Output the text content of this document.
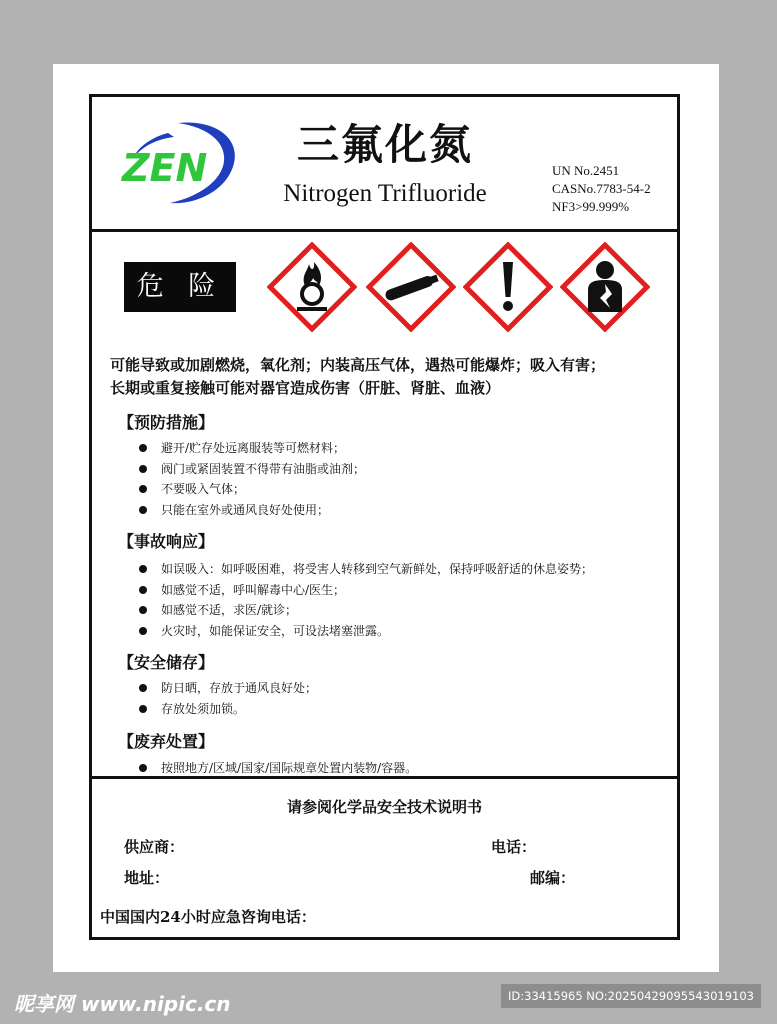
ZEN	三氟化氮
Nitrogen Trifluoride
UN No.2451
CASNo.7783-54-2
NF3>99.999%
危 险
可能导致或加剧燃烧，氧化剂；内装高压气体，遇热可能爆炸；吸入有害；
长期或重复接触可能对器官造成伤害（肝脏、肾脏、血液）
【预防措施】
避开/贮存处远离服装等可燃材料；
阀门或紧固装置不得带有油脂或油剂；
不要吸入气体；
只能在室外或通风良好处使用；
【事故响应】
如误吸入：如呼吸困难，将受害人转移到空气新鲜处，保持呼吸舒适的休息姿势；
如感觉不适，呼叫解毒中心/医生；
如感觉不适，求医/就诊；
火灾时，如能保证安全，可设法堵塞泄露。
【安全储存】
防日晒，存放于通风良好处；
存放处须加锁。
【废弃处置】
按照地方/区域/国家/国际规章处置内装物/容器。
请参阅化学品安全技术说明书
供应商：	电话：
地址：	邮编：
中国国内24小时应急咨询电话：
昵享网 www.nipic.cn	ID:33415965 NO:20250429095543019103
